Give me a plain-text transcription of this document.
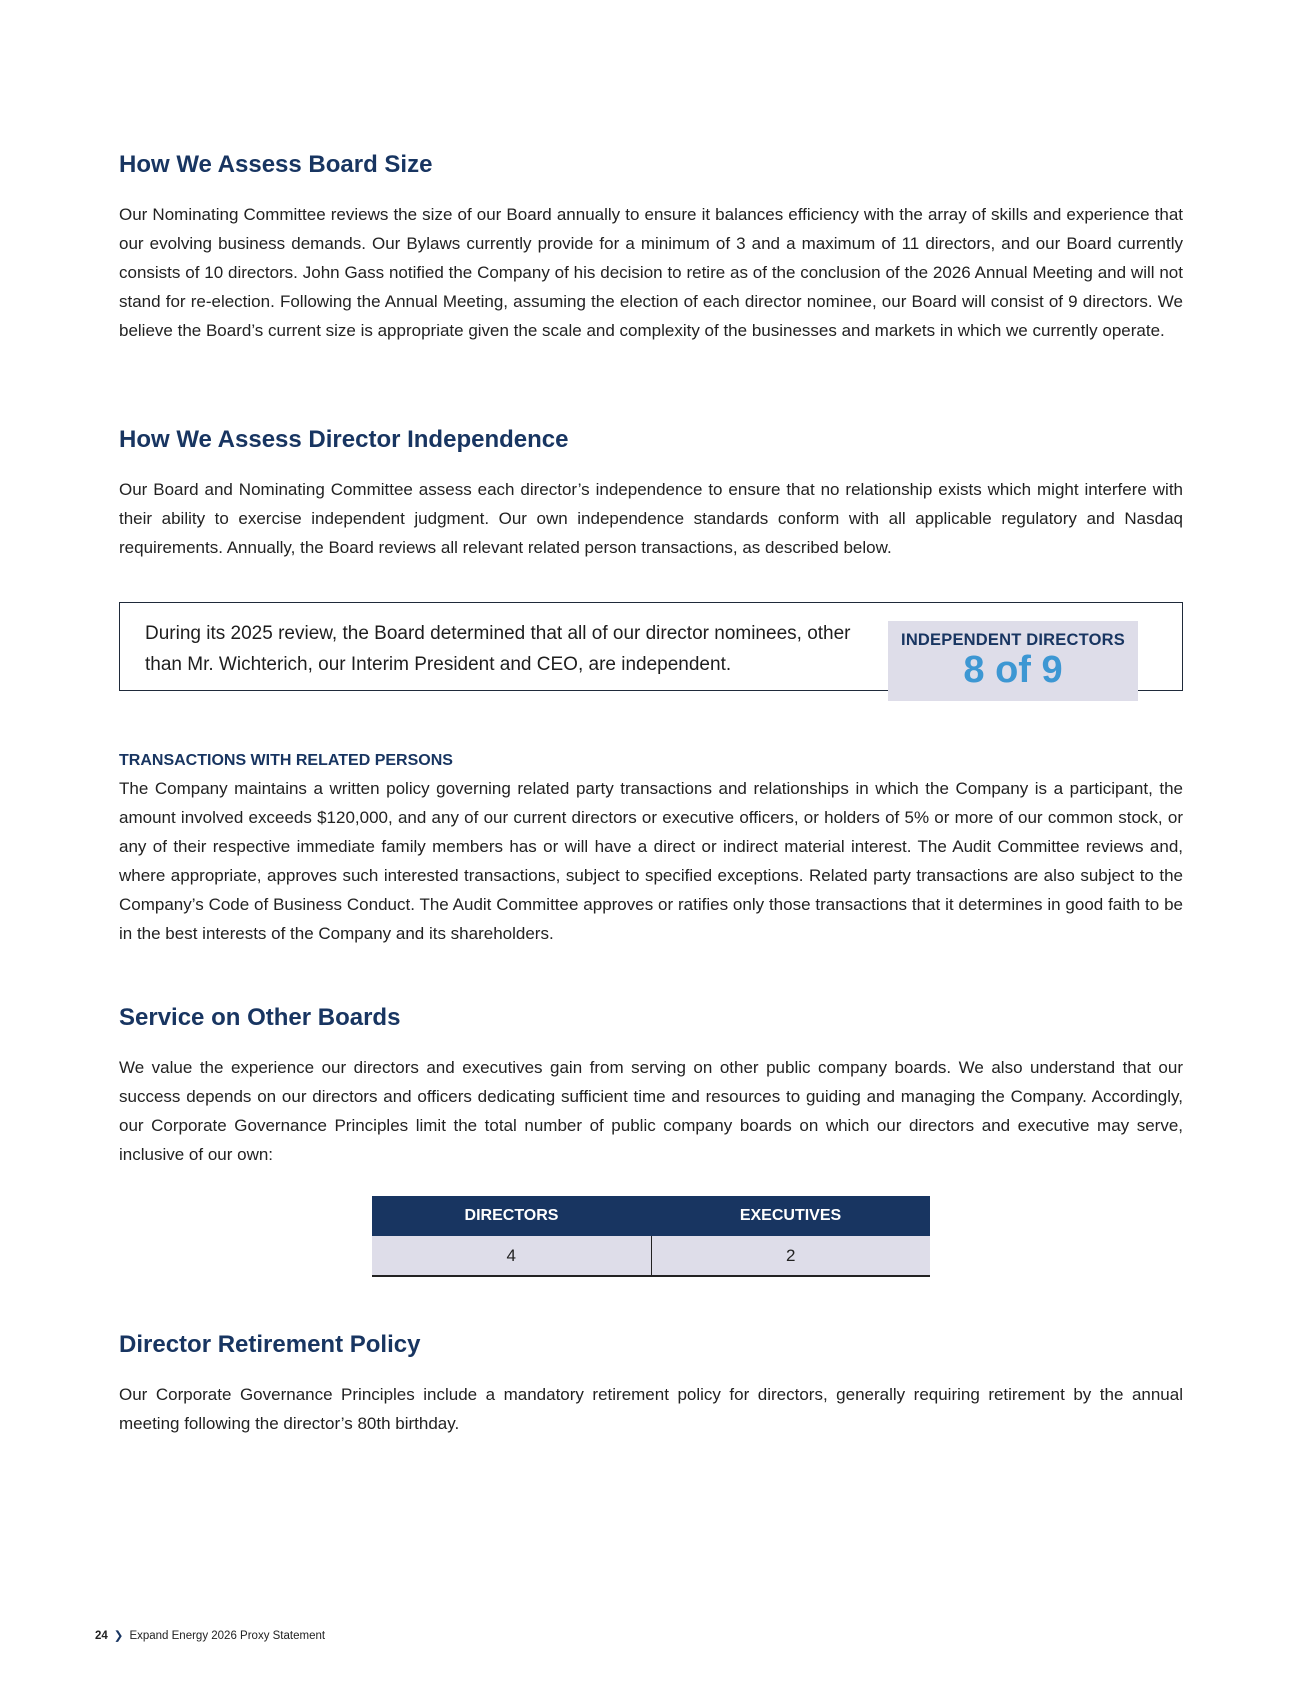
How We Assess Board Size

Our Nominating Committee reviews the size of our Board annually to ensure it balances efficiency with the array of skills and experience that our evolving business demands. Our Bylaws currently provide for a minimum of 3 and a maximum of 11 directors, and our Board currently consists of 10 directors. John Gass notified the Company of his decision to retire as of the conclusion of the 2026 Annual Meeting and will not stand for re-election. Following the Annual Meeting, assuming the election of each director nominee, our Board will consist of 9 directors. We believe the Board’s current size is appropriate given the scale and complexity of the businesses and markets in which we currently operate.

How We Assess Director Independence

Our Board and Nominating Committee assess each director’s independence to ensure that no relationship exists which might interfere with their ability to exercise independent judgment. Our own independence standards conform with all applicable regulatory and Nasdaq requirements. Annually, the Board reviews all relevant related person transactions, as described below.

During its 2025 review, the Board determined that all of our director nominees, other than Mr. Wichterich, our Interim President and CEO, are independent.
INDEPENDENT DIRECTORS
8 of 9
TRANSACTIONS WITH RELATED PERSONS

The Company maintains a written policy governing related party transactions and relationships in which the Company is a participant, the amount involved exceeds $120,000, and any of our current directors or executive officers, or holders of 5% or more of our common stock, or any of their respective immediate family members has or will have a direct or indirect material interest. The Audit Committee reviews and, where appropriate, approves such interested transactions, subject to specified exceptions. Related party transactions are also subject to the Company’s Code of Business Conduct. The Audit Committee approves or ratifies only those transactions that it determines in good faith to be in the best interests of the Company and its shareholders.

Service on Other Boards

We value the experience our directors and executives gain from serving on other public company boards. We also understand that our success depends on our directors and officers dedicating sufficient time and resources to guiding and managing the Company. Accordingly, our Corporate Governance Principles limit the total number of public company boards on which our directors and executive may serve, inclusive of our own:

DIRECTORS	EXECUTIVES
4	2
Director Retirement Policy

Our Corporate Governance Principles include a mandatory retirement policy for directors, generally requiring retirement by the annual meeting following the director’s 80th birthday.

24 ❯ Expand Energy 2026 Proxy Statement
